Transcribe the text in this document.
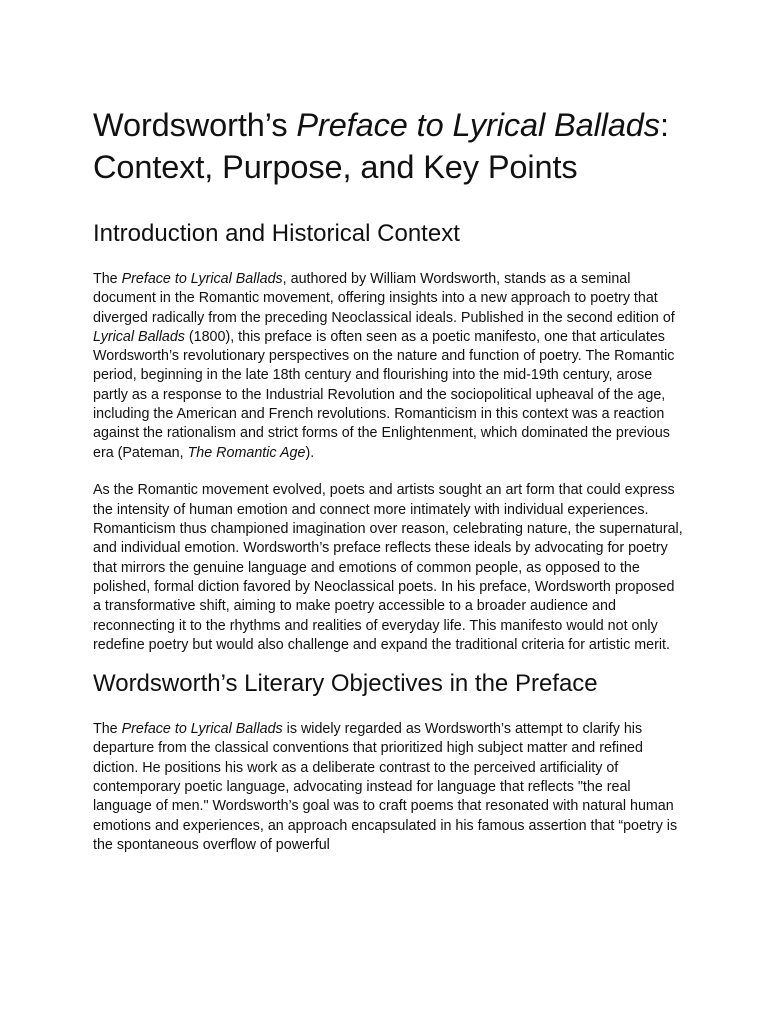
Wordsworth’s Preface to Lyrical Ballads: Context, Purpose, and Key Points
Introduction and Historical Context

The Preface to Lyrical Ballads, authored by William Wordsworth, stands as a seminal document in the Romantic movement, offering insights into a new approach to poetry that diverged radically from the preceding Neoclassical ideals. Published in the second edition of Lyrical Ballads (1800), this preface is often seen as a poetic manifesto, one that articulates Wordsworth’s revolutionary perspectives on the nature and function of poetry. The Romantic period, beginning in the late 18th century and flourishing into the mid-19th century, arose partly as a response to the Industrial Revolution and the sociopolitical upheaval of the age, including the American and French revolutions. Romanticism in this context was a reaction against the rationalism and strict forms of the Enlightenment, which dominated the previous era (Pateman, The Romantic Age).

As the Romantic movement evolved, poets and artists sought an art form that could express the intensity of human emotion and connect more intimately with individual experiences. Romanticism thus championed imagination over reason, celebrating nature, the supernatural, and individual emotion. Wordsworth’s preface reflects these ideals by advocating for poetry that mirrors the genuine language and emotions of common people, as opposed to the polished, formal diction favored by Neoclassical poets. In his preface, Wordsworth proposed a transformative shift, aiming to make poetry accessible to a broader audience and reconnecting it to the rhythms and realities of everyday life. This manifesto would not only redefine poetry but would also challenge and expand the traditional criteria for artistic merit.

Wordsworth’s Literary Objectives in the Preface

The Preface to Lyrical Ballads is widely regarded as Wordsworth’s attempt to clarify his departure from the classical conventions that prioritized high subject matter and refined diction. He positions his work as a deliberate contrast to the perceived artificiality of contemporary poetic language, advocating instead for language that reflects "the real language of men." Wordsworth’s goal was to craft poems that resonated with natural human emotions and experiences, an approach encapsulated in his famous assertion that “poetry is the spontaneous overflow of powerful
